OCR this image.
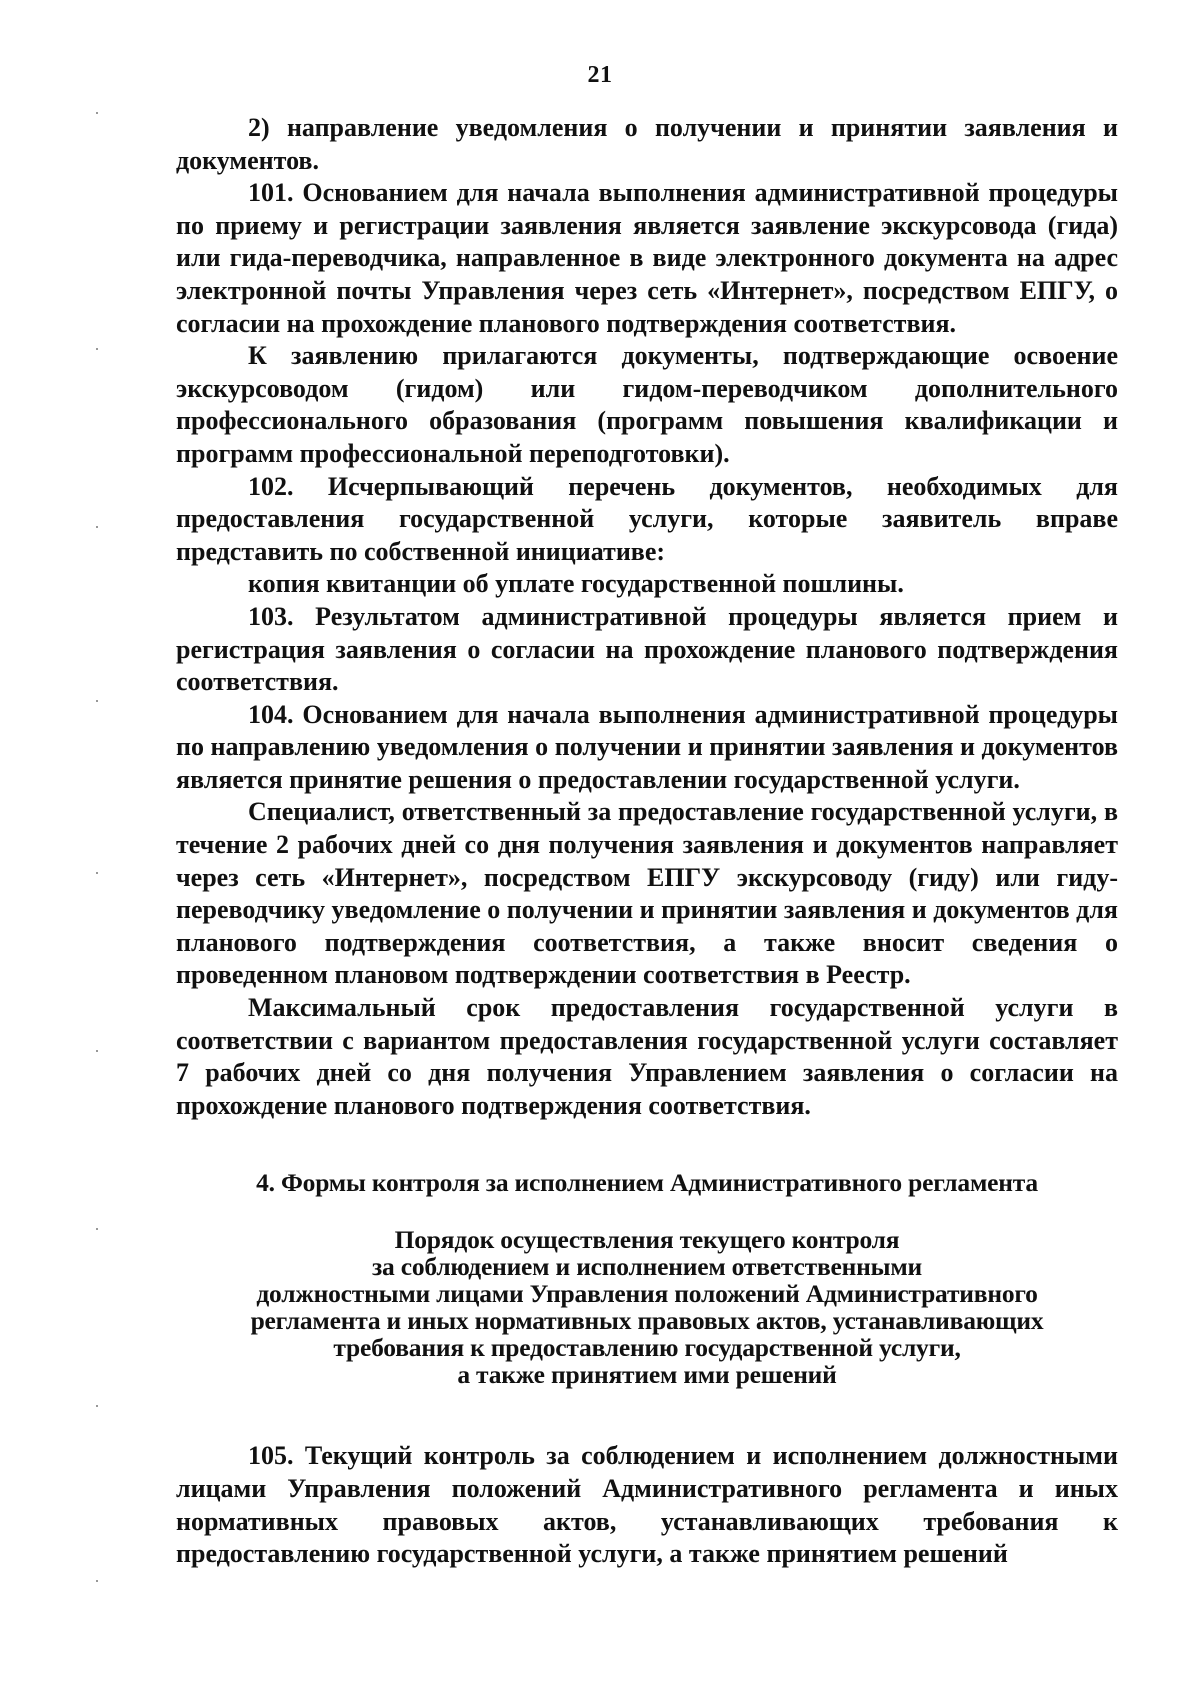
21

2) направление уведомления о получении и принятии заявления и документов.

101. Основанием для начала выполнения административной процедуры по приему и регистрации заявления является заявление экскурсовода (гида) или гида-переводчика, направленное в виде электронного документа на адрес электронной почты Управления через сеть «Интернет», посредством ЕПГУ, о согласии на прохождение планового подтверждения соответствия.

К заявлению прилагаются документы, подтверждающие освоение экскурсоводом (гидом) или гидом-переводчиком дополнительного профессионального образования (программ повышения квалификации и программ профессиональной переподготовки).

102. Исчерпывающий перечень документов, необходимых для предоставления государственной услуги, которые заявитель вправе представить по собственной инициативе:

копия квитанции об уплате государственной пошлины.

103. Результатом административной процедуры является прием и регистрация заявления о согласии на прохождение планового подтверждения соответствия.

104. Основанием для начала выполнения административной процедуры по направлению уведомления о получении и принятии заявления и документов является принятие решения о предоставлении государственной услуги.

Специалист, ответственный за предоставление государственной услуги, в течение 2 рабочих дней со дня получения заявления и документов направляет через сеть «Интернет», посредством ЕПГУ экскурсоводу (гиду) или гиду-переводчику уведомление о получении и принятии заявления и документов для планового подтверждения соответствия, а также вносит сведения о проведенном плановом подтверждении соответствия в Реестр.

Максимальный срок предоставления государственной услуги в соответствии с вариантом предоставления государственной услуги составляет 7 рабочих дней со дня получения Управлением заявления о согласии на прохождение планового подтверждения соответствия.

4. Формы контроля за исполнением Административного регламента
Порядок осуществления текущего контроля
за соблюдением и исполнением ответственными
должностными лицами Управления положений Административного
регламента и иных нормативных правовых актов, устанавливающих
требования к предоставлению государственной услуги,
а также принятием ими решений

105. Текущий контроль за соблюдением и исполнением должностными лицами Управления положений Административного регламента и иных нормативных правовых актов, устанавливающих требования к предоставлению государственной услуги, а также принятием решений
